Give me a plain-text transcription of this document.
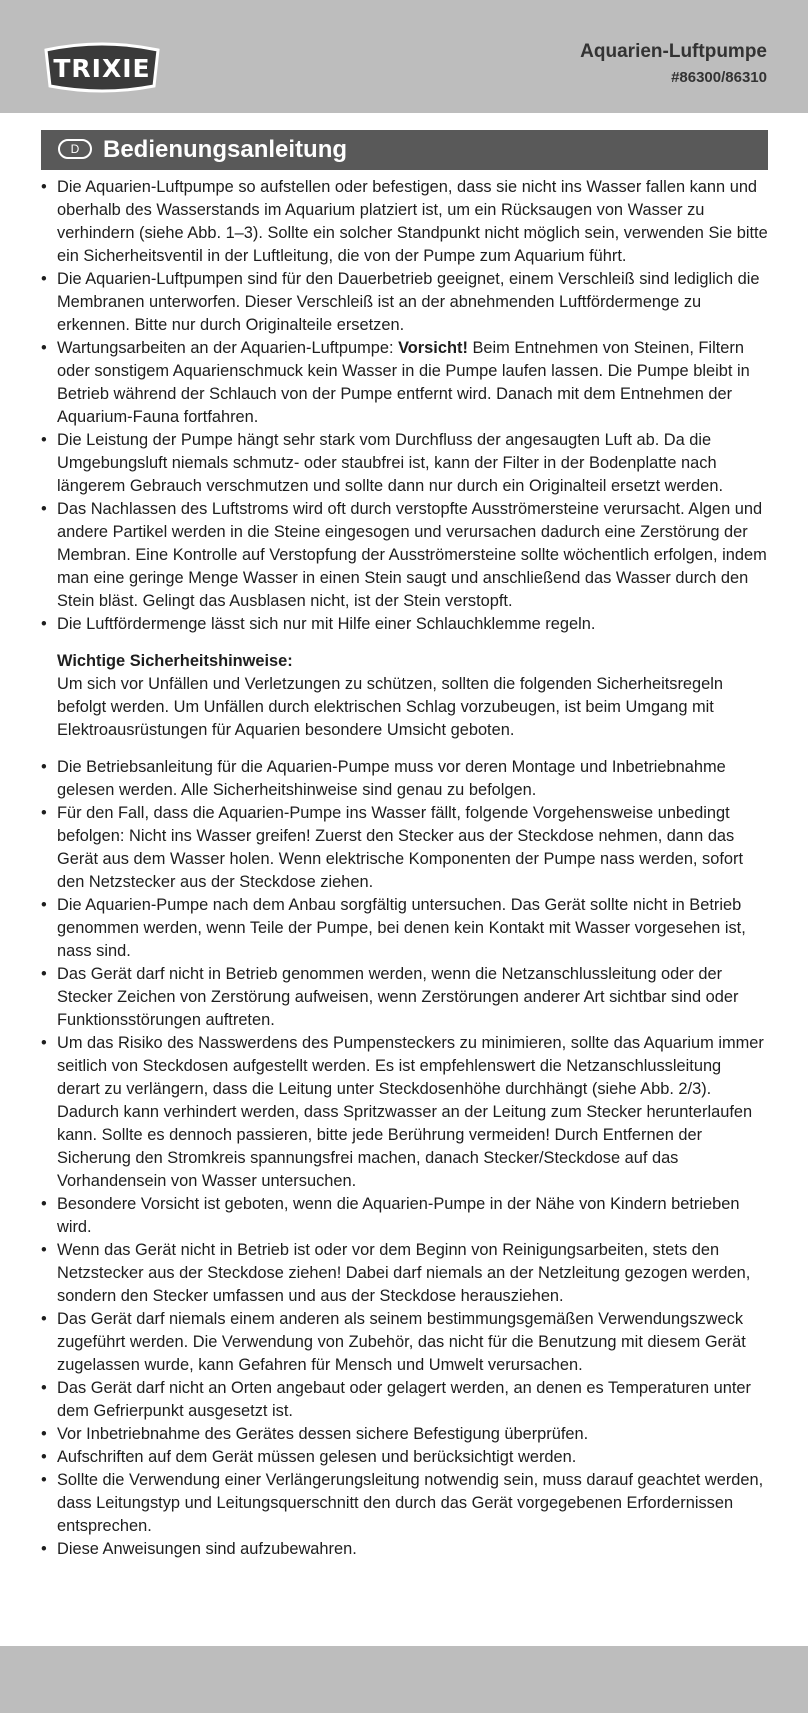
TRIXIE
Aquarien-Luftpumpe
#86300/86310
D Bedienungsanleitung
• Die Aquarien-Luftpumpe so aufstellen oder befestigen, dass sie nicht ins Wasser fallen kann und oberhalb des Wasserstands im Aquarium platziert ist, um ein Rücksaugen von Wasser zu verhindern (siehe Abb. 1–3). Sollte ein solcher Standpunkt nicht möglich sein, verwenden Sie bitte ein Sicherheitsventil in der Luftleitung, die von der Pumpe zum Aquarium führt.
• Die Aquarien-Luftpumpen sind für den Dauerbetrieb geeignet, einem Verschleiß sind lediglich die Membranen unterworfen. Dieser Verschleiß ist an der abnehmenden Luftfördermenge zu erkennen. Bitte nur durch Originalteile ersetzen.
• Wartungsarbeiten an der Aquarien-Luftpumpe: Vorsicht! Beim Entnehmen von Steinen, Filtern oder sonstigem Aquarienschmuck kein Wasser in die Pumpe laufen lassen. Die Pumpe bleibt in Betrieb während der Schlauch von der Pumpe entfernt wird. Danach mit dem Entnehmen der Aquarium-Fauna fortfahren.
• Die Leistung der Pumpe hängt sehr stark vom Durchfluss der angesaugten Luft ab. Da die Umgebungsluft niemals schmutz- oder staubfrei ist, kann der Filter in der Bodenplatte nach längerem Gebrauch verschmutzen und sollte dann nur durch ein Originalteil ersetzt werden.
• Das Nachlassen des Luftstroms wird oft durch verstopfte Ausströmersteine verursacht. Algen und andere Partikel werden in die Steine eingesogen und verursachen dadurch eine Zerstörung der Membran. Eine Kontrolle auf Verstopfung der Ausströmersteine sollte wöchentlich erfolgen, indem man eine geringe Menge Wasser in einen Stein saugt und anschließend das Wasser durch den Stein bläst. Gelingt das Ausblasen nicht, ist der Stein verstopft.
• Die Luftfördermenge lässt sich nur mit Hilfe einer Schlauchklemme regeln.
Wichtige Sicherheitshinweise:
Um sich vor Unfällen und Verletzungen zu schützen, sollten die folgenden Sicherheitsregeln befolgt werden. Um Unfällen durch elektrischen Schlag vorzubeugen, ist beim Umgang mit Elektroausrüstungen für Aquarien besondere Umsicht geboten.
• Die Betriebsanleitung für die Aquarien-Pumpe muss vor deren Montage und Inbetriebnahme gelesen werden. Alle Sicherheitshinweise sind genau zu befolgen.
• Für den Fall, dass die Aquarien-Pumpe ins Wasser fällt, folgende Vorgehensweise unbedingt befolgen: Nicht ins Wasser greifen! Zuerst den Stecker aus der Steckdose nehmen, dann das Gerät aus dem Wasser holen. Wenn elektrische Komponenten der Pumpe nass werden, sofort den Netzstecker aus der Steckdose ziehen.
• Die Aquarien-Pumpe nach dem Anbau sorgfältig untersuchen. Das Gerät sollte nicht in Betrieb genommen werden, wenn Teile der Pumpe, bei denen kein Kontakt mit Wasser vorgesehen ist, nass sind.
• Das Gerät darf nicht in Betrieb genommen werden, wenn die Netzanschlussleitung oder der Stecker Zeichen von Zerstörung aufweisen, wenn Zerstörungen anderer Art sichtbar sind oder Funktionsstörungen auftreten.
• Um das Risiko des Nasswerdens des Pumpensteckers zu minimieren, sollte das Aquarium immer seitlich von Steckdosen aufgestellt werden. Es ist empfehlenswert die Netzanschlussleitung derart zu verlängern, dass die Leitung unter Steckdosenhöhe durchhängt (siehe Abb. 2/3). Dadurch kann verhindert werden, dass Spritzwasser an der Leitung zum Stecker herunterlaufen kann. Sollte es dennoch passieren, bitte jede Berührung vermeiden! Durch Entfernen der Sicherung den Stromkreis spannungsfrei machen, danach Stecker/Steckdose auf das Vorhandensein von Wasser untersuchen.
• Besondere Vorsicht ist geboten, wenn die Aquarien-Pumpe in der Nähe von Kindern betrieben wird.
• Wenn das Gerät nicht in Betrieb ist oder vor dem Beginn von Reinigungsarbeiten, stets den Netzstecker aus der Steckdose ziehen! Dabei darf niemals an der Netzleitung gezogen werden, sondern den Stecker umfassen und aus der Steckdose herausziehen.
• Das Gerät darf niemals einem anderen als seinem bestimmungsgemäßen Verwendungszweck zugeführt werden. Die Verwendung von Zubehör, das nicht für die Benutzung mit diesem Gerät zugelassen wurde, kann Gefahren für Mensch und Umwelt verursachen.
• Das Gerät darf nicht an Orten angebaut oder gelagert werden, an denen es Temperaturen unter dem Gefrierpunkt ausgesetzt ist.
• Vor Inbetriebnahme des Gerätes dessen sichere Befestigung überprüfen.
• Aufschriften auf dem Gerät müssen gelesen und berücksichtigt werden.
• Sollte die Verwendung einer Verlängerungsleitung notwendig sein, muss darauf geachtet werden, dass Leitungstyp und Leitungsquerschnitt den durch das Gerät vorgegebenen Erfordernissen entsprechen.
• Diese Anweisungen sind aufzubewahren.
